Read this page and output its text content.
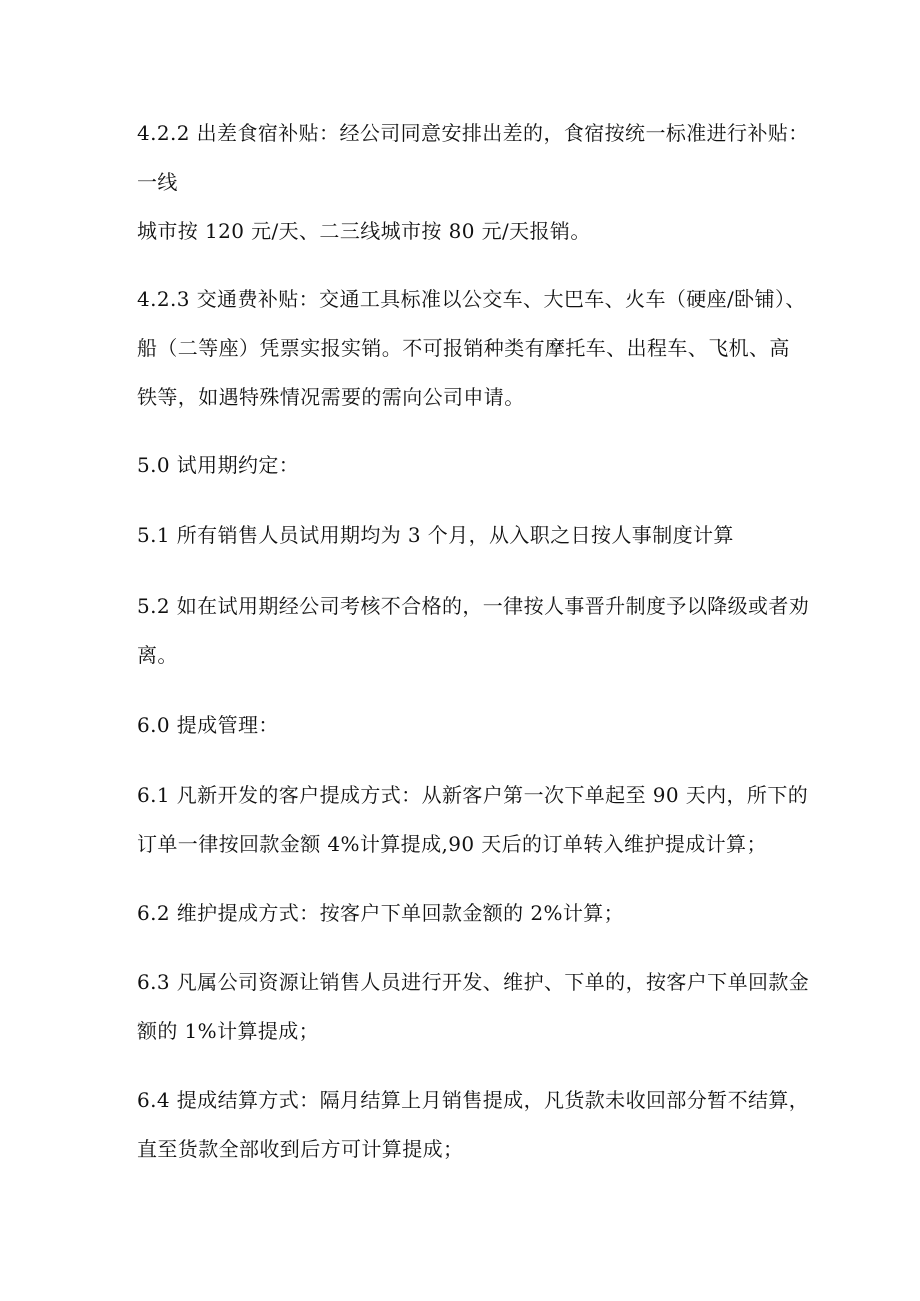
4.2.2 出差食宿补贴：经公司同意安排出差的，食宿按统一标准进行补贴：
一线
城市按 120 元/天、二三线城市按 80 元/天报销。
4.2.3 交通费补贴：交通工具标准以公交车、大巴车、火车（硬座/卧铺）、
船（二等座）凭票实报实销。不可报销种类有摩托车、出程车、飞机、高
铁等，如遇特殊情况需要的需向公司申请。
5.0 试用期约定：
5.1 所有销售人员试用期均为 3 个月，从入职之日按人事制度计算
5.2 如在试用期经公司考核不合格的，一律按人事晋升制度予以降级或者劝
离。
6.0 提成管理：
6.1 凡新开发的客户提成方式：从新客户第一次下单起至 90 天内，所下的
订单一律按回款金额 4%计算提成,90 天后的订单转入维护提成计算；
6.2 维护提成方式：按客户下单回款金额的 2%计算；
6.3 凡属公司资源让销售人员进行开发、维护、下单的，按客户下单回款金
额的 1%计算提成；
6.4 提成结算方式：隔月结算上月销售提成，凡货款未收回部分暂不结算，
直至货款全部收到后方可计算提成；
